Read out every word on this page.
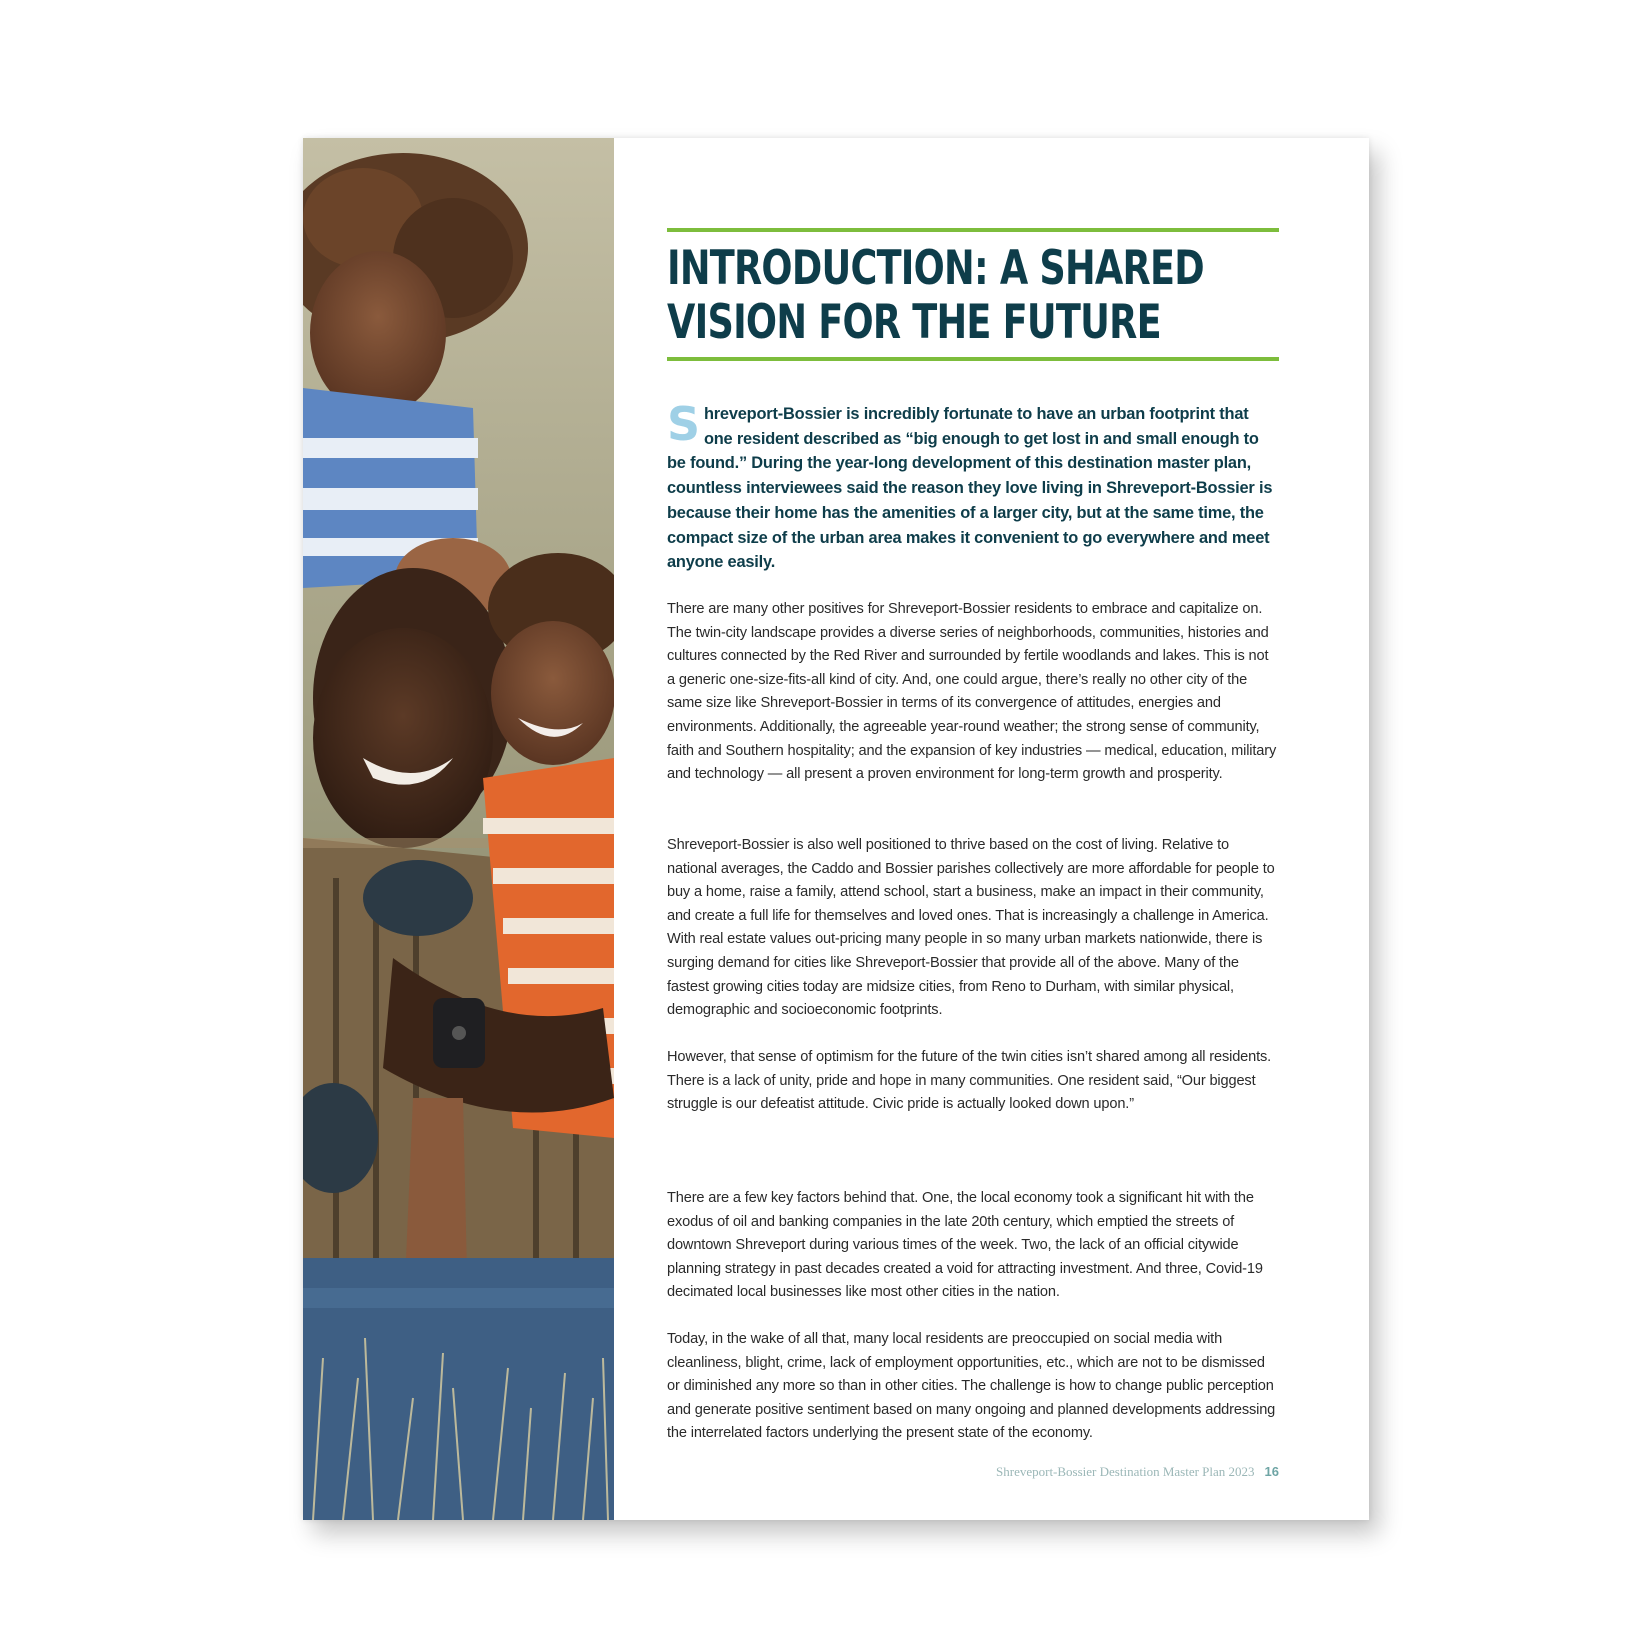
INTRODUCTION: A SHARED
VISION FOR THE FUTURE

Shreveport-Bossier is incredibly fortunate to have an urban footprint that one resident described as “big enough to get lost in and small enough to be found.” During the year-long development of this destination master plan, countless interviewees said the reason they love living in Shreveport-Bossier is because their home has the amenities of a larger city, but at the same time, the compact size of the urban area makes it convenient to go everywhere and meet anyone easily.

There are many other positives for Shreveport-Bossier residents to embrace and capitalize on. The twin-city landscape provides a diverse series of neighborhoods, communities, histories and cultures connected by the Red River and surrounded by fertile woodlands and lakes. This is not a generic one-size-fits-all kind of city. And, one could argue, there’s really no other city of the same size like Shreveport-Bossier in terms of its convergence of attitudes, energies and environments. Additionally, the agreeable year-round weather; the strong sense of community, faith and Southern hospitality; and the expansion of key industries — medical, education, military and technology — all present a proven environment for long-term growth and prosperity.

Shreveport-Bossier is also well positioned to thrive based on the cost of living. Relative to national averages, the Caddo and Bossier parishes collectively are more affordable for people to buy a home, raise a family, attend school, start a business, make an impact in their community, and create a full life for themselves and loved ones. That is increasingly a challenge in America. With real estate values out-pricing many people in so many urban markets nationwide, there is surging demand for cities like Shreveport-Bossier that provide all of the above. Many of the fastest growing cities today are midsize cities, from Reno to Durham, with similar physical, demographic and socioeconomic footprints.

However, that sense of optimism for the future of the twin cities isn’t shared among all residents. There is a lack of unity, pride and hope in many communities. One resident said, “Our biggest struggle is our defeatist attitude. Civic pride is actually looked down upon.”

There are a few key factors behind that. One, the local economy took a significant hit with the exodus of oil and banking companies in the late 20th century, which emptied the streets of downtown Shreveport during various times of the week. Two, the lack of an official citywide planning strategy in past decades created a void for attracting investment. And three, Covid-19 decimated local businesses like most other cities in the nation.

Today, in the wake of all that, many local residents are preoccupied on social media with cleanliness, blight, crime, lack of employment opportunities, etc., which are not to be dismissed or diminished any more so than in other cities. The challenge is how to change public perception and generate positive sentiment based on many ongoing and planned developments addressing the interrelated factors underlying the present state of the economy.

Shreveport-Bossier Destination Master Plan 2023 16
